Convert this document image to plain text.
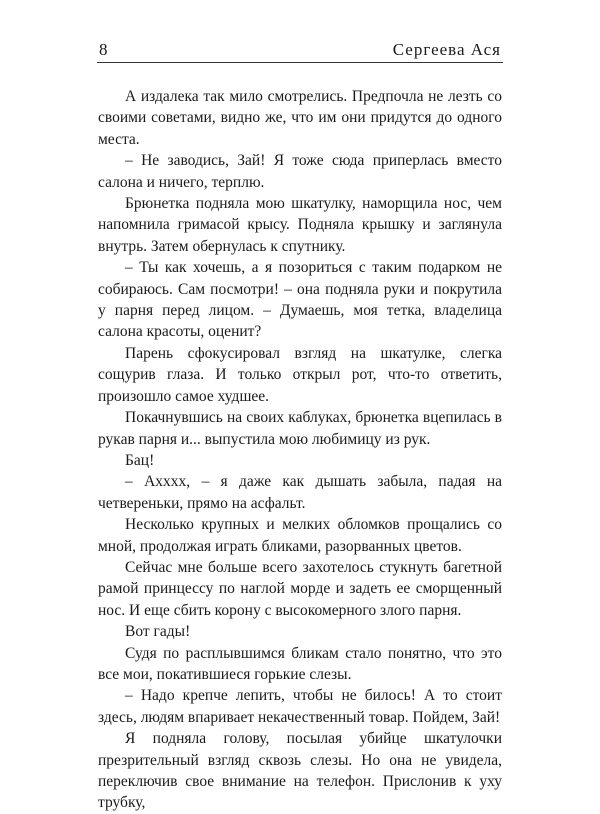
8	Сергеева Ася

А издалека так мило смотрелись. Предпочла не лезть со своими советами, видно же, что им они придутся до одного места.

– Не заводись, Зай! Я тоже сюда приперлась вместо салона и ничего, терплю.

Брюнетка подняла мою шкатулку, наморщила нос, чем напомнила гримасой крысу. Подняла крышку и заглянула внутрь. Затем обернулась к спутнику.

– Ты как хочешь, а я позориться с таким подарком не собираюсь. Сам посмотри! – она подняла руки и покрутила у парня перед лицом. – Думаешь, моя тетка, владелица салона красоты, оценит?

Парень сфокусировал взгляд на шкатулке, слегка сощурив глаза. И только открыл рот, что-то ответить, произошло самое худшее.

Покачнувшись на своих каблуках, брюнетка вцепилась в рукав парня и... выпустила мою любимицу из рук.

Бац!

– Ахххх, – я даже как дышать забыла, падая на четвереньки, прямо на асфальт.

Несколько крупных и мелких обломков прощались со мной, продолжая играть бликами, разорванных цветов.

Сейчас мне больше всего захотелось стукнуть багетной рамой принцессу по наглой морде и задеть ее сморщенный нос. И еще сбить корону с высокомерного злого парня.

Вот гады!

Судя по расплывшимся бликам стало понятно, что это все мои, покатившиеся горькие слезы.

– Надо крепче лепить, чтобы не билось! А то стоит здесь, людям впаривает некачественный товар. Пойдем, Зай!

Я подняла голову, посылая убийце шкатулочки презрительный взгляд сквозь слезы. Но она не увидела, переключив свое внимание на телефон. Прислонив к уху трубку,
